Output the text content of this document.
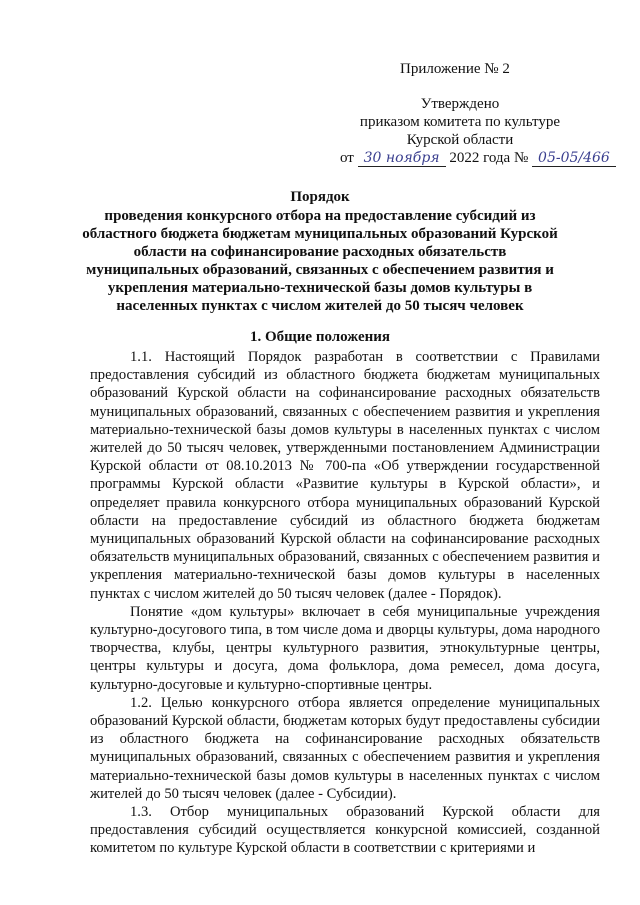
Приложение № 2
Утверждено
приказом комитета по культуре
Курской области
от 30 ноября 2022 года № 05-05/466
Порядок
проведения конкурсного отбора на предоставление субсидий из областного бюджета бюджетам муниципальных образований Курской области на софинансирование расходных обязательств муниципальных образований, связанных с обеспечением развития и укрепления материально-технической базы домов культуры в населенных пунктах с числом жителей до 50 тысяч человек
1. Общие положения

1.1. Настоящий Порядок разработан в соответствии с Правилами предоставления субсидий из областного бюджета бюджетам муниципальных образований Курской области на софинансирование расходных обязательств муниципальных образований, связанных с обеспечением развития и укрепления материально-технической базы домов культуры в населенных пунктах с числом жителей до 50 тысяч человек, утвержденными постановлением Администрации Курской области от 08.10.2013 № 700-па «Об утверждении государственной программы Курской области «Развитие культуры в Курской области», и определяет правила конкурсного отбора муниципальных образований Курской области на предоставление субсидий из областного бюджета бюджетам муниципальных образований Курской области на софинансирование расходных обязательств муниципальных образований, связанных с обеспечением развития и укрепления материально-технической базы домов культуры в населенных пунктах с числом жителей до 50 тысяч человек (далее - Порядок).

Понятие «дом культуры» включает в себя муниципальные учреждения культурно-досугового типа, в том числе дома и дворцы культуры, дома народного творчества, клубы, центры культурного развития, этнокультурные центры, центры культуры и досуга, дома фольклора, дома ремесел, дома досуга, культурно-досуговые и культурно-спортивные центры.

1.2. Целью конкурсного отбора является определение муниципальных образований Курской области, бюджетам которых будут предоставлены субсидии из областного бюджета на софинансирование расходных обязательств муниципальных образований, связанных с обеспечением развития и укрепления материально-технической базы домов культуры в населенных пунктах с числом жителей до 50 тысяч человек (далее - Субсидии).

1.3. Отбор муниципальных образований Курской области для предоставления субсидий осуществляется конкурсной комиссией, созданной комитетом по культуре Курской области в соответствии с критериями и
